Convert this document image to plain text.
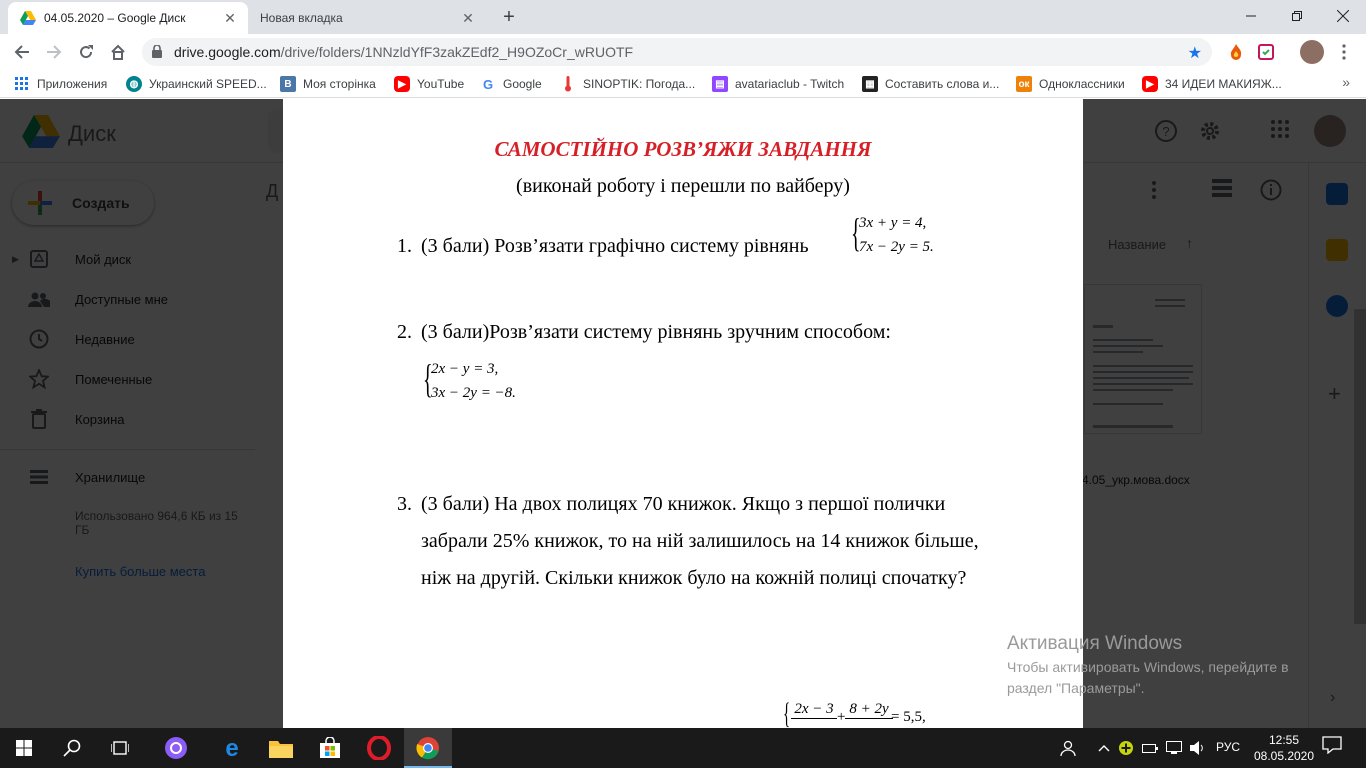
04.05.2020 – Google Диск	✕ Новая вкладка	✕ +
drive.google.com/drive/folders/1NNzldYfF3zakZEdf2_H9OZoCr_wRUOTF	★
Приложения	◍ Украинский SPEED...	В Моя сторінка	▶ YouTube G Google	SINOPTIK: Погода...	▤ avatariaclub - Twitch	▦ Составить слова и... ок Одноклассники	▶ 34 ИДЕИ МАКИЯЖ...	»
САМОСТІЙНО РОЗВ’ЯЖИ ЗАВДАННЯ
(виконай роботу і перешли по вайберу)
1. (3 бали) Розв’язати графічно систему рівнянь {
3x + y = 4,
7x − 2y = 5.
2. (3 бали)Розв’язати систему рівнянь зручним способом:
{
2x − y = 3,
3x − 2y = −8.
3. (3 бали) На двох полицях 70 книжок. Якщо з першої полички
забрали 25% книжок, то на ній залишилось на 14 книжок більше,
ніж на другій. Скільки книжок було на кожній полиці спочатку?
{ 2x − 3 + 8 + 2y = 5,5,
Активация Windows
Чтобы активировать Windows, перейдите в раздел "Параметры".
e	РУС	12:55
08.05.2020
